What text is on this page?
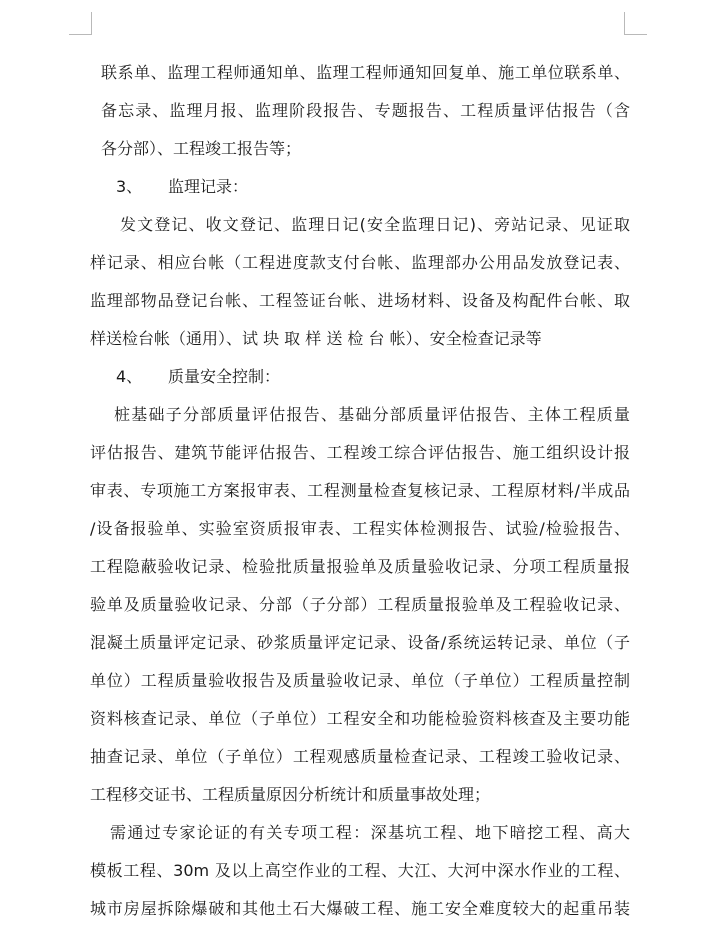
联系单、监理工程师通知单、监理工程师通知回复单、施工单位联系单、
备忘录、监理月报、监理阶段报告、专题报告、工程质量评估报告（含
各分部）、工程竣工报告等；
3、	监理记录：
发文登记、收文登记、监理日记(安全监理日记)、旁站记录、见证取
样记录、相应台帐（工程进度款支付台帐、监理部办公用品发放登记表、
监理部物品登记台帐、工程签证台帐、进场材料、设备及构配件台帐、取
样送检台帐（通用）、试 块 取 样 送 检 台 帐）、安全检查记录等
4、	质量安全控制：
桩基础子分部质量评估报告、基础分部质量评估报告、主体工程质量
评估报告、建筑节能评估报告、工程竣工综合评估报告、施工组织设计报
审表、专项施工方案报审表、工程测量检查复核记录、工程原材料/半成品
/设备报验单、实验室资质报审表、工程实体检测报告、试验/检验报告、
工程隐蔽验收记录、检验批质量报验单及质量验收记录、分项工程质量报
验单及质量验收记录、分部（子分部）工程质量报验单及工程验收记录、
混凝土质量评定记录、砂浆质量评定记录、设备/系统运转记录、单位（子
单位）工程质量验收报告及质量验收记录、单位（子单位）工程质量控制
资料核查记录、单位（子单位）工程安全和功能检验资料核查及主要功能
抽查记录、单位（子单位）工程观感质量检查记录、工程竣工验收记录、
工程移交证书、工程质量原因分析统计和质量事故处理；
需通过专家论证的有关专项工程：深基坑工程、地下暗挖工程、高大
模板工程、30m 及以上高空作业的工程、大江、大河中深水作业的工程、
城市房屋拆除爆破和其他土石大爆破工程、施工安全难度较大的起重吊装
